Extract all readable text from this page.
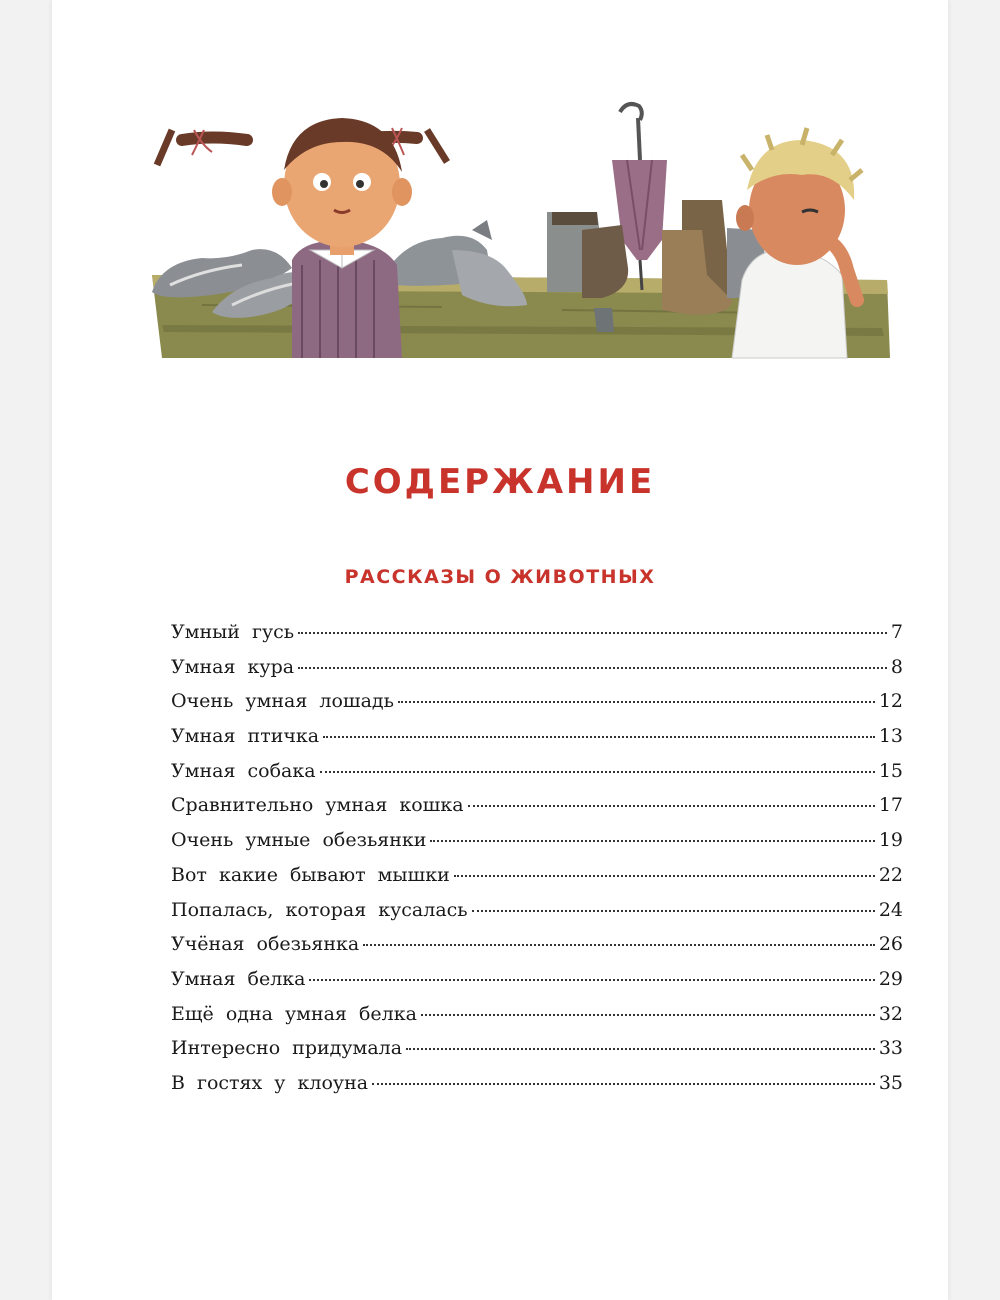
СОДЕРЖАНИЕ
РАССКАЗЫ О ЖИВОТНЫХ
Умный гусь	7
Умная кура	8
Очень умная лошадь	12
Умная птичка	13
Умная собака	15
Сравнительно умная кошка	17
Очень умные обезьянки	19
Вот какие бывают мышки	22
Попалась, которая кусалась	24
Учёная обезьянка	26
Умная белка	29
Ещё одна умная белка	32
Интересно придумала	33
В гостях у клоуна	35
